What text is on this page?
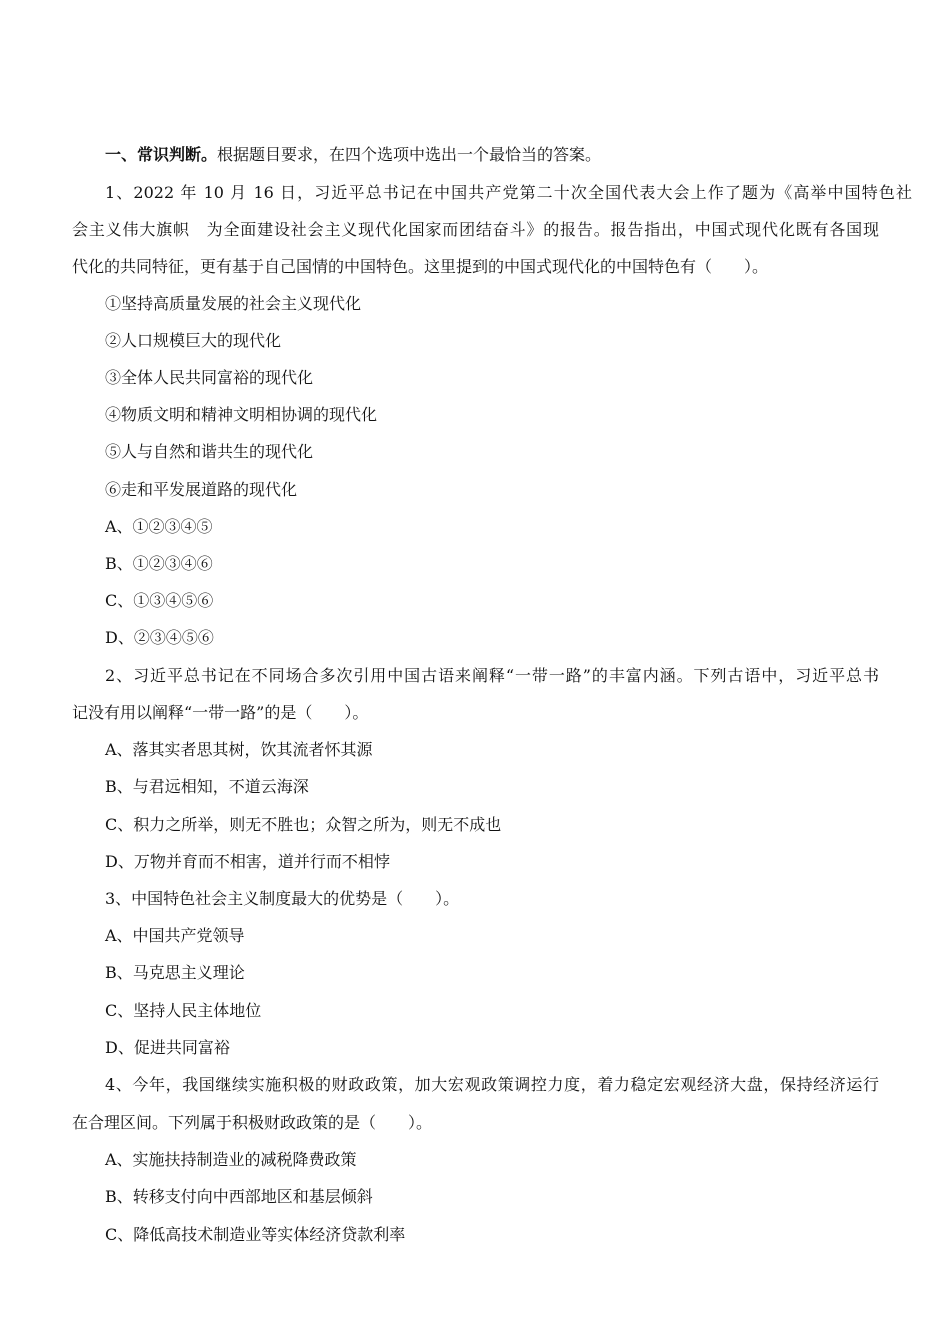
一、常识判断。根据题目要求，在四个选项中选出一个最恰当的答案。
1、2022 年 10 月 16 日，习近平总书记在中国共产党第二十次全国代表大会上作了题为《高举中国特色社
会主义伟大旗帜　为全面建设社会主义现代化国家而团结奋斗》的报告。报告指出，中国式现代化既有各国现
代化的共同特征，更有基于自己国情的中国特色。这里提到的中国式现代化的中国特色有（　　）。
①坚持高质量发展的社会主义现代化
②人口规模巨大的现代化
③全体人民共同富裕的现代化
④物质文明和精神文明相协调的现代化
⑤人与自然和谐共生的现代化
⑥走和平发展道路的现代化
A、①②③④⑤
B、①②③④⑥
C、①③④⑤⑥
D、②③④⑤⑥
2、习近平总书记在不同场合多次引用中国古语来阐释“一带一路”的丰富内涵。下列古语中，习近平总书
记没有用以阐释“一带一路”的是（　　）。
A、落其实者思其树，饮其流者怀其源
B、与君远相知，不道云海深
C、积力之所举，则无不胜也；众智之所为，则无不成也
D、万物并育而不相害，道并行而不相悖
3、中国特色社会主义制度最大的优势是（　　）。
A、中国共产党领导
B、马克思主义理论
C、坚持人民主体地位
D、促进共同富裕
4、今年，我国继续实施积极的财政政策，加大宏观政策调控力度，着力稳定宏观经济大盘，保持经济运行
在合理区间。下列属于积极财政政策的是（　　）。
A、实施扶持制造业的减税降费政策
B、转移支付向中西部地区和基层倾斜
C、降低高技术制造业等实体经济贷款利率
